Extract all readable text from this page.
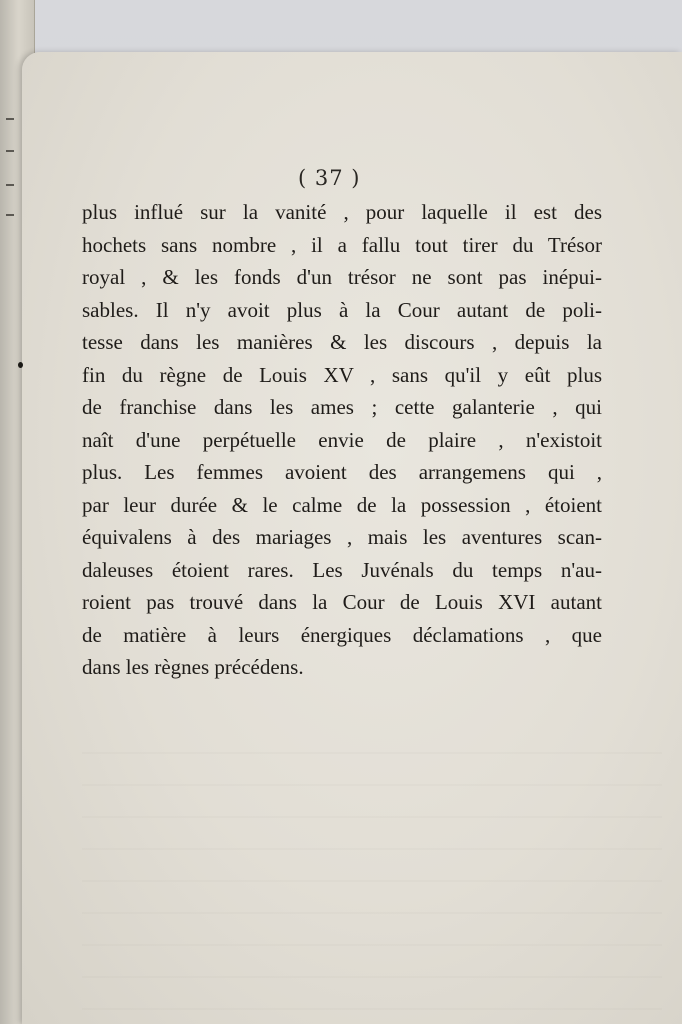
( 37 )

plus influé sur la vanité , pour laquelle il est des
hochets sans nombre , il a fallu tout tirer du Trésor
royal , & les fonds d'un trésor ne sont pas inépui-
sables. Il n'y avoit plus à la Cour autant de poli-
tesse dans les manières & les discours , depuis la
fin du règne de Louis XV , sans qu'il y eût plus
de franchise dans les ames ; cette galanterie , qui
naît d'une perpétuelle envie de plaire , n'existoit
plus. Les femmes avoient des arrangemens qui ,
par leur durée & le calme de la possession , étoient
équivalens à des mariages , mais les aventures scan-
daleuses étoient rares. Les Juvénals du temps n'au-
roient pas trouvé dans la Cour de Louis XVI autant
de matière à leurs énergiques déclamations , que
dans les règnes précédens.
